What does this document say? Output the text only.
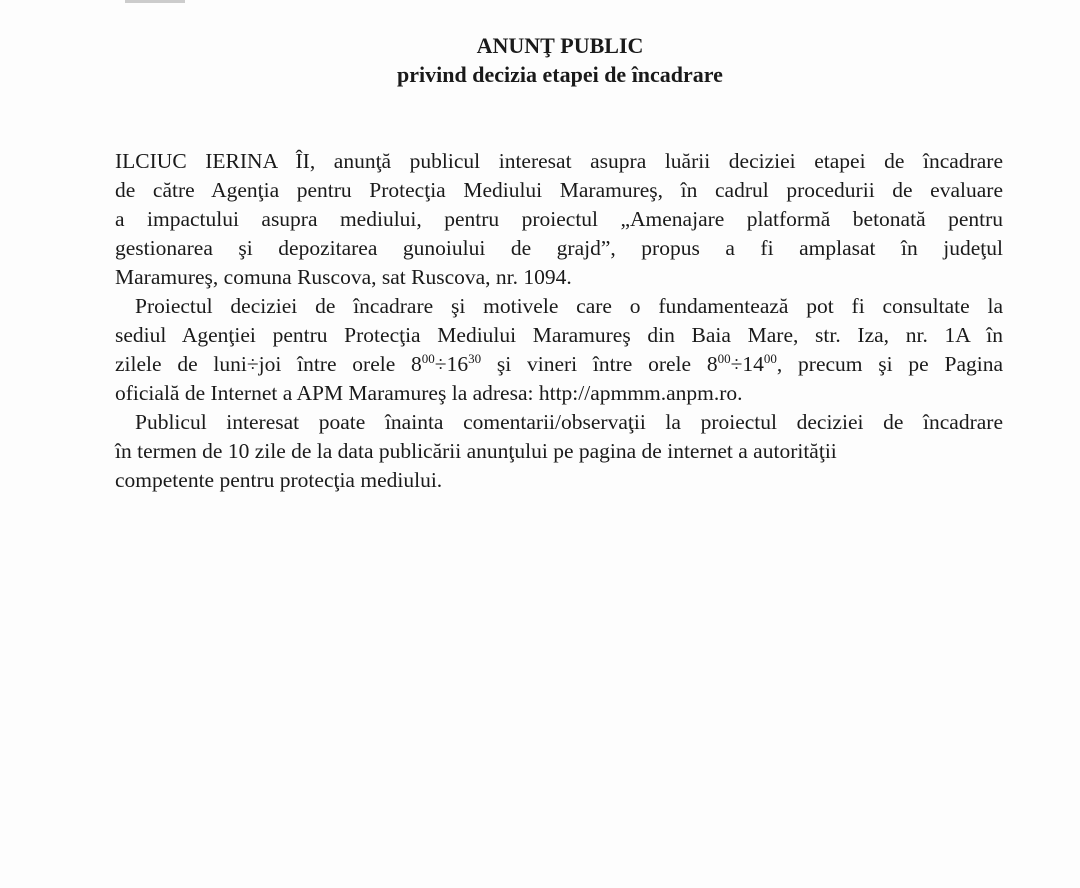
ANUNŢ PUBLIC
privind decizia etapei de încadrare
ILCIUC IERINA ÎI, anunţă publicul interesat asupra luării deciziei etapei de încadrare
de către Agenţia pentru Protecţia Mediului Maramureş, în cadrul procedurii de evaluare
a impactului asupra mediului, pentru proiectul „Amenajare platformă betonată pentru
gestionarea şi depozitarea gunoiului de grajd”, propus a fi amplasat în judeţul
Maramureş, comuna Ruscova, sat Ruscova, nr. 1094.
Proiectul deciziei de încadrare şi motivele care o fundamentează pot fi consultate la
sediul Agenţiei pentru Protecţia Mediului Maramureş din Baia Mare, str. Iza, nr. 1A în
zilele de luni÷joi între orele $8^{00}\div 16^{30}$ şi vineri între orele $8^{00}\div 14^{00}$, precum şi pe Pagina
oficială de Internet a APM Maramureş la adresa: http://apmmm.anpm.ro.
Publicul interesat poate înainta comentarii/observaţii la proiectul deciziei de încadrare
în termen de 10 zile de la data publicării anunţului pe pagina de internet a autorităţii
competente pentru protecţia mediului.
